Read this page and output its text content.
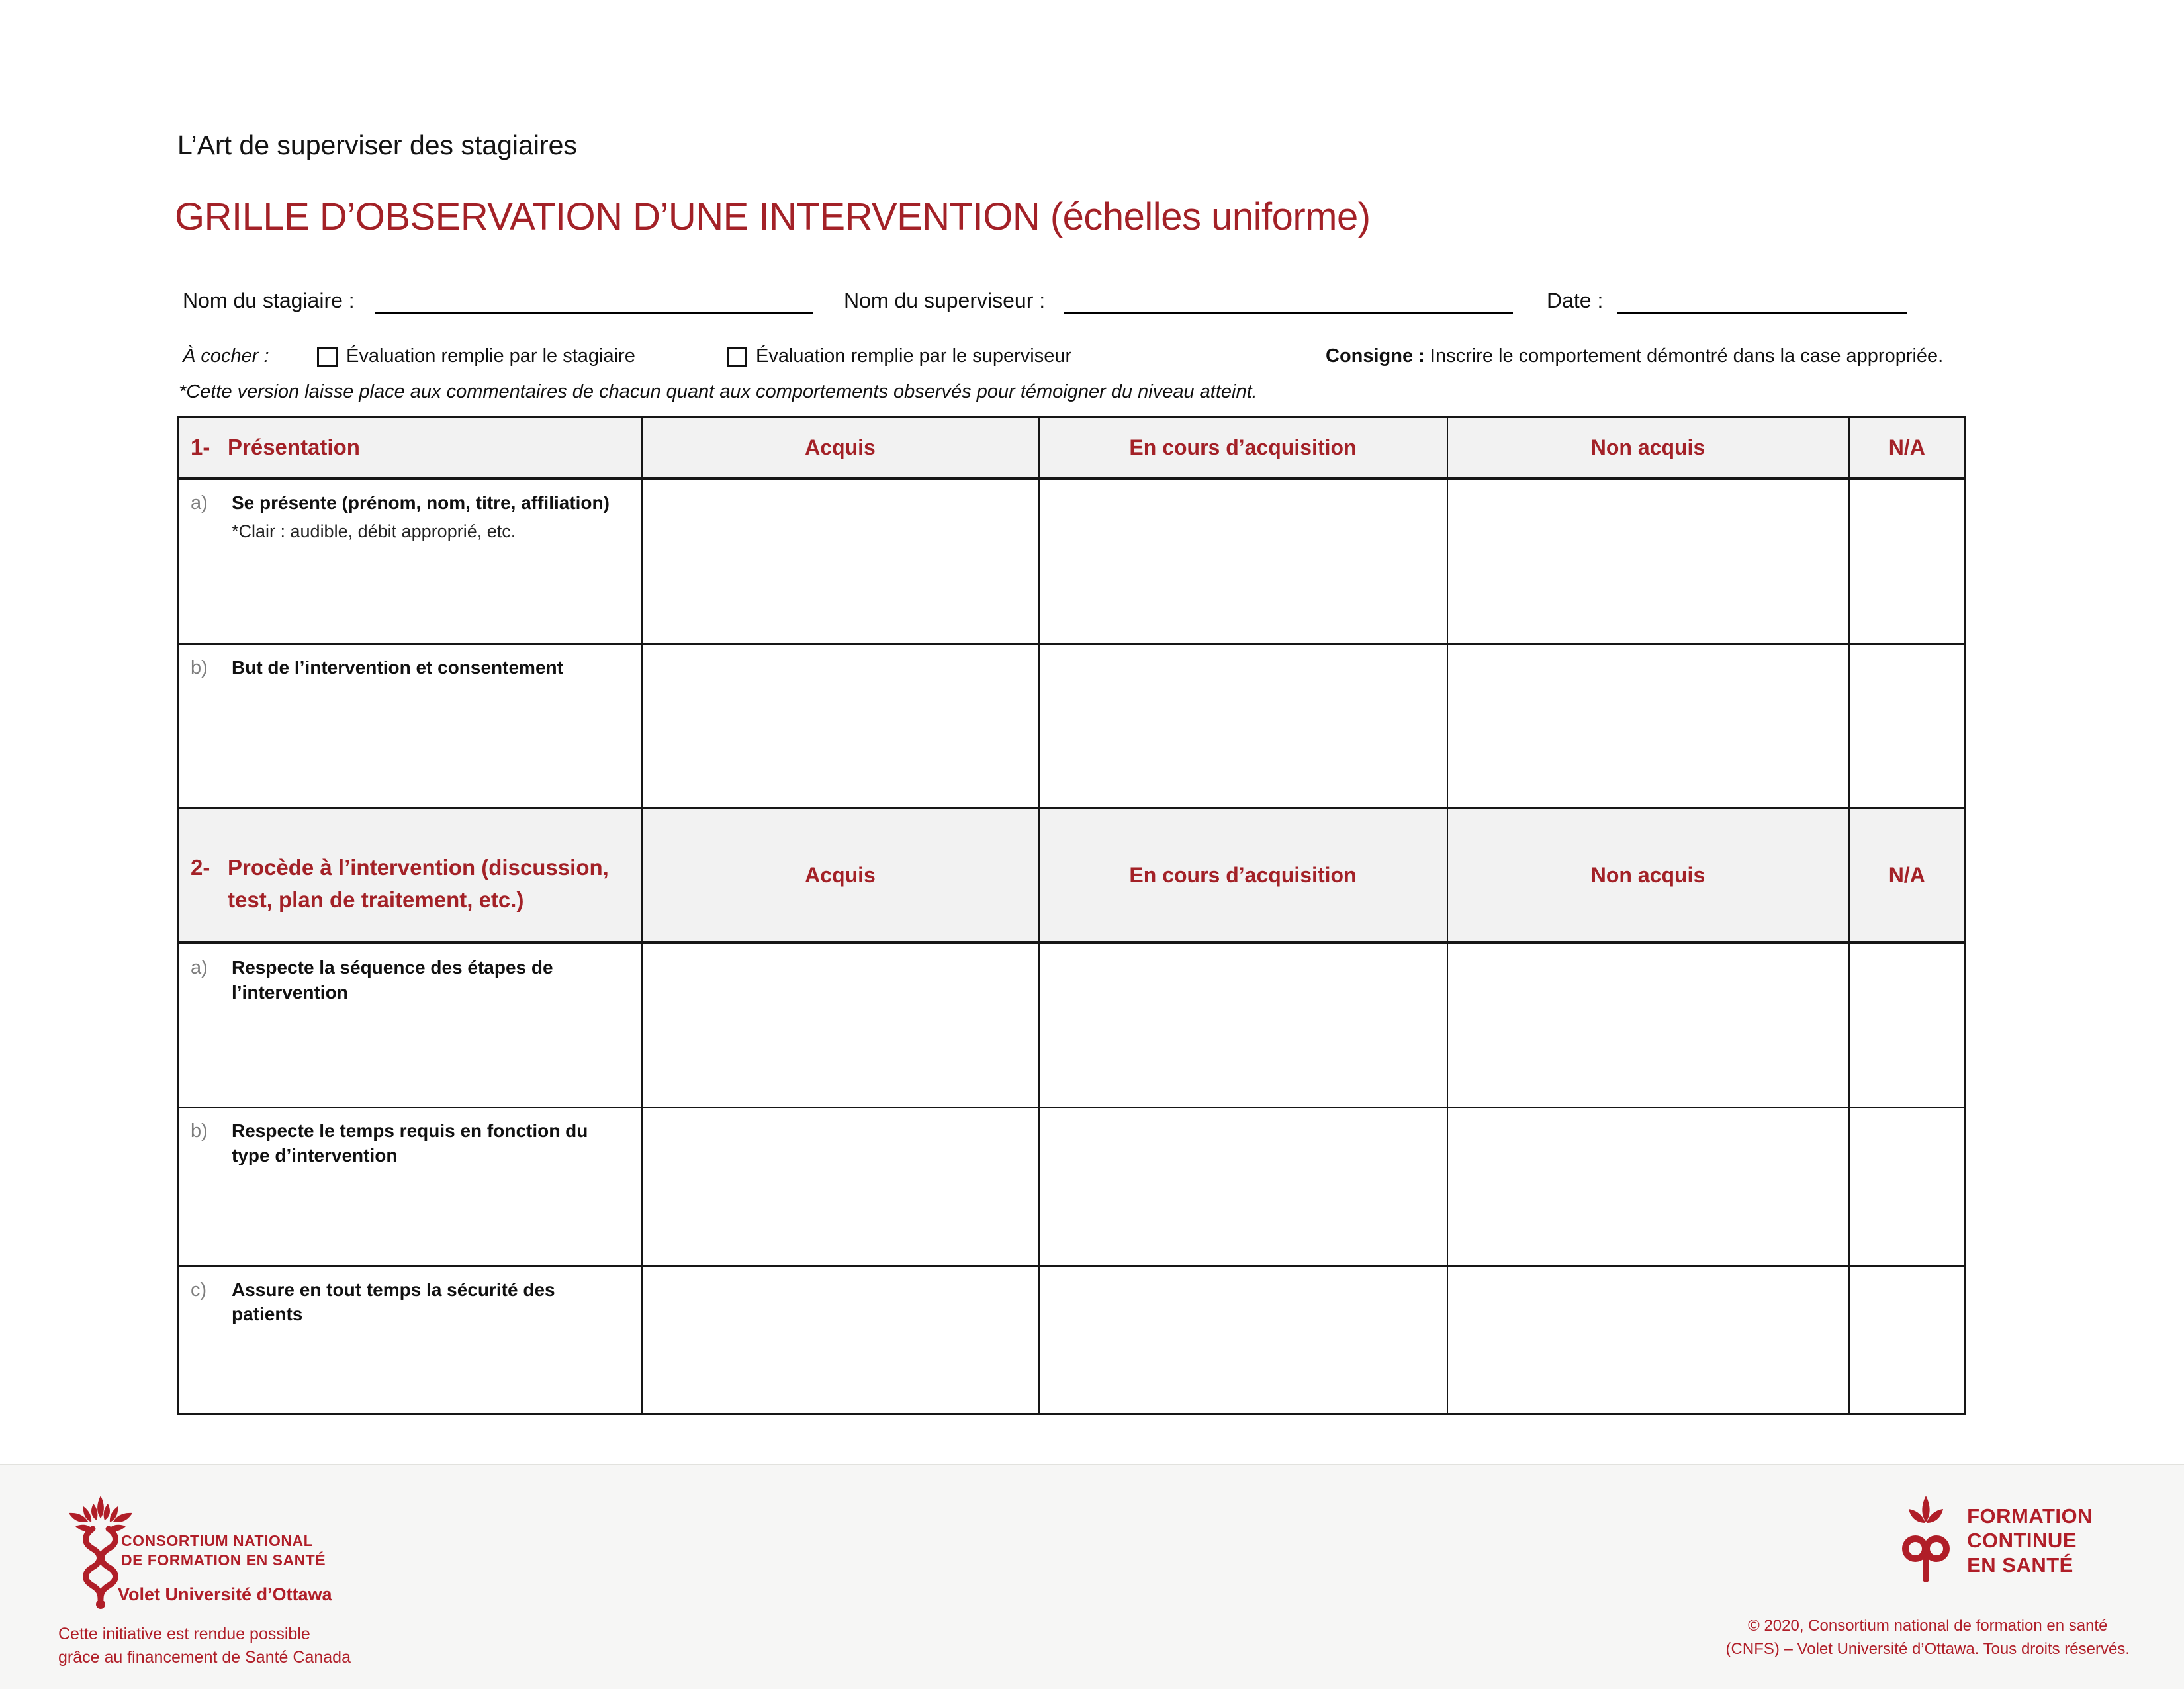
L’Art de superviser des stagiaires
GRILLE D’OBSERVATION D’UNE INTERVENTION (échelles uniforme)
Nom du stagiaire :	Nom du superviseur :	Date :
À cocher :	Évaluation remplie par le stagiaire	Évaluation remplie par le superviseur	Consigne : Inscrire le comportement démontré dans la case appropriée.
*Cette version laisse place aux commentaires de chacun quant aux comportements observés pour témoigner du niveau atteint.
1- Présentation	Acquis	En cours d’acquisition	Non acquis	N/A

a) Se présente (prénom, nom, titre, affiliation)
*Clair : audible, débit approprié, etc.				

b) But de l’intervention et consentement				

2- Procède à l’intervention (discussion, test, plan de traitement, etc.)	Acquis	En cours d’acquisition	Non acquis	N/A

a) Respecte la séquence des étapes de l’intervention				

b) Respecte le temps requis en fonction du type d’intervention				

c) Assure en tout temps la sécurité des patients				

CONSORTIUM NATIONAL
DE FORMATION EN SANTÉ
Volet Université d’Ottawa
Cette initiative est rendue possible
grâce au financement de Santé Canada
FORMATION
CONTINUE
EN SANTÉ
© 2020, Consortium national de formation en santé
(CNFS) – Volet Université d’Ottawa. Tous droits réservés.
